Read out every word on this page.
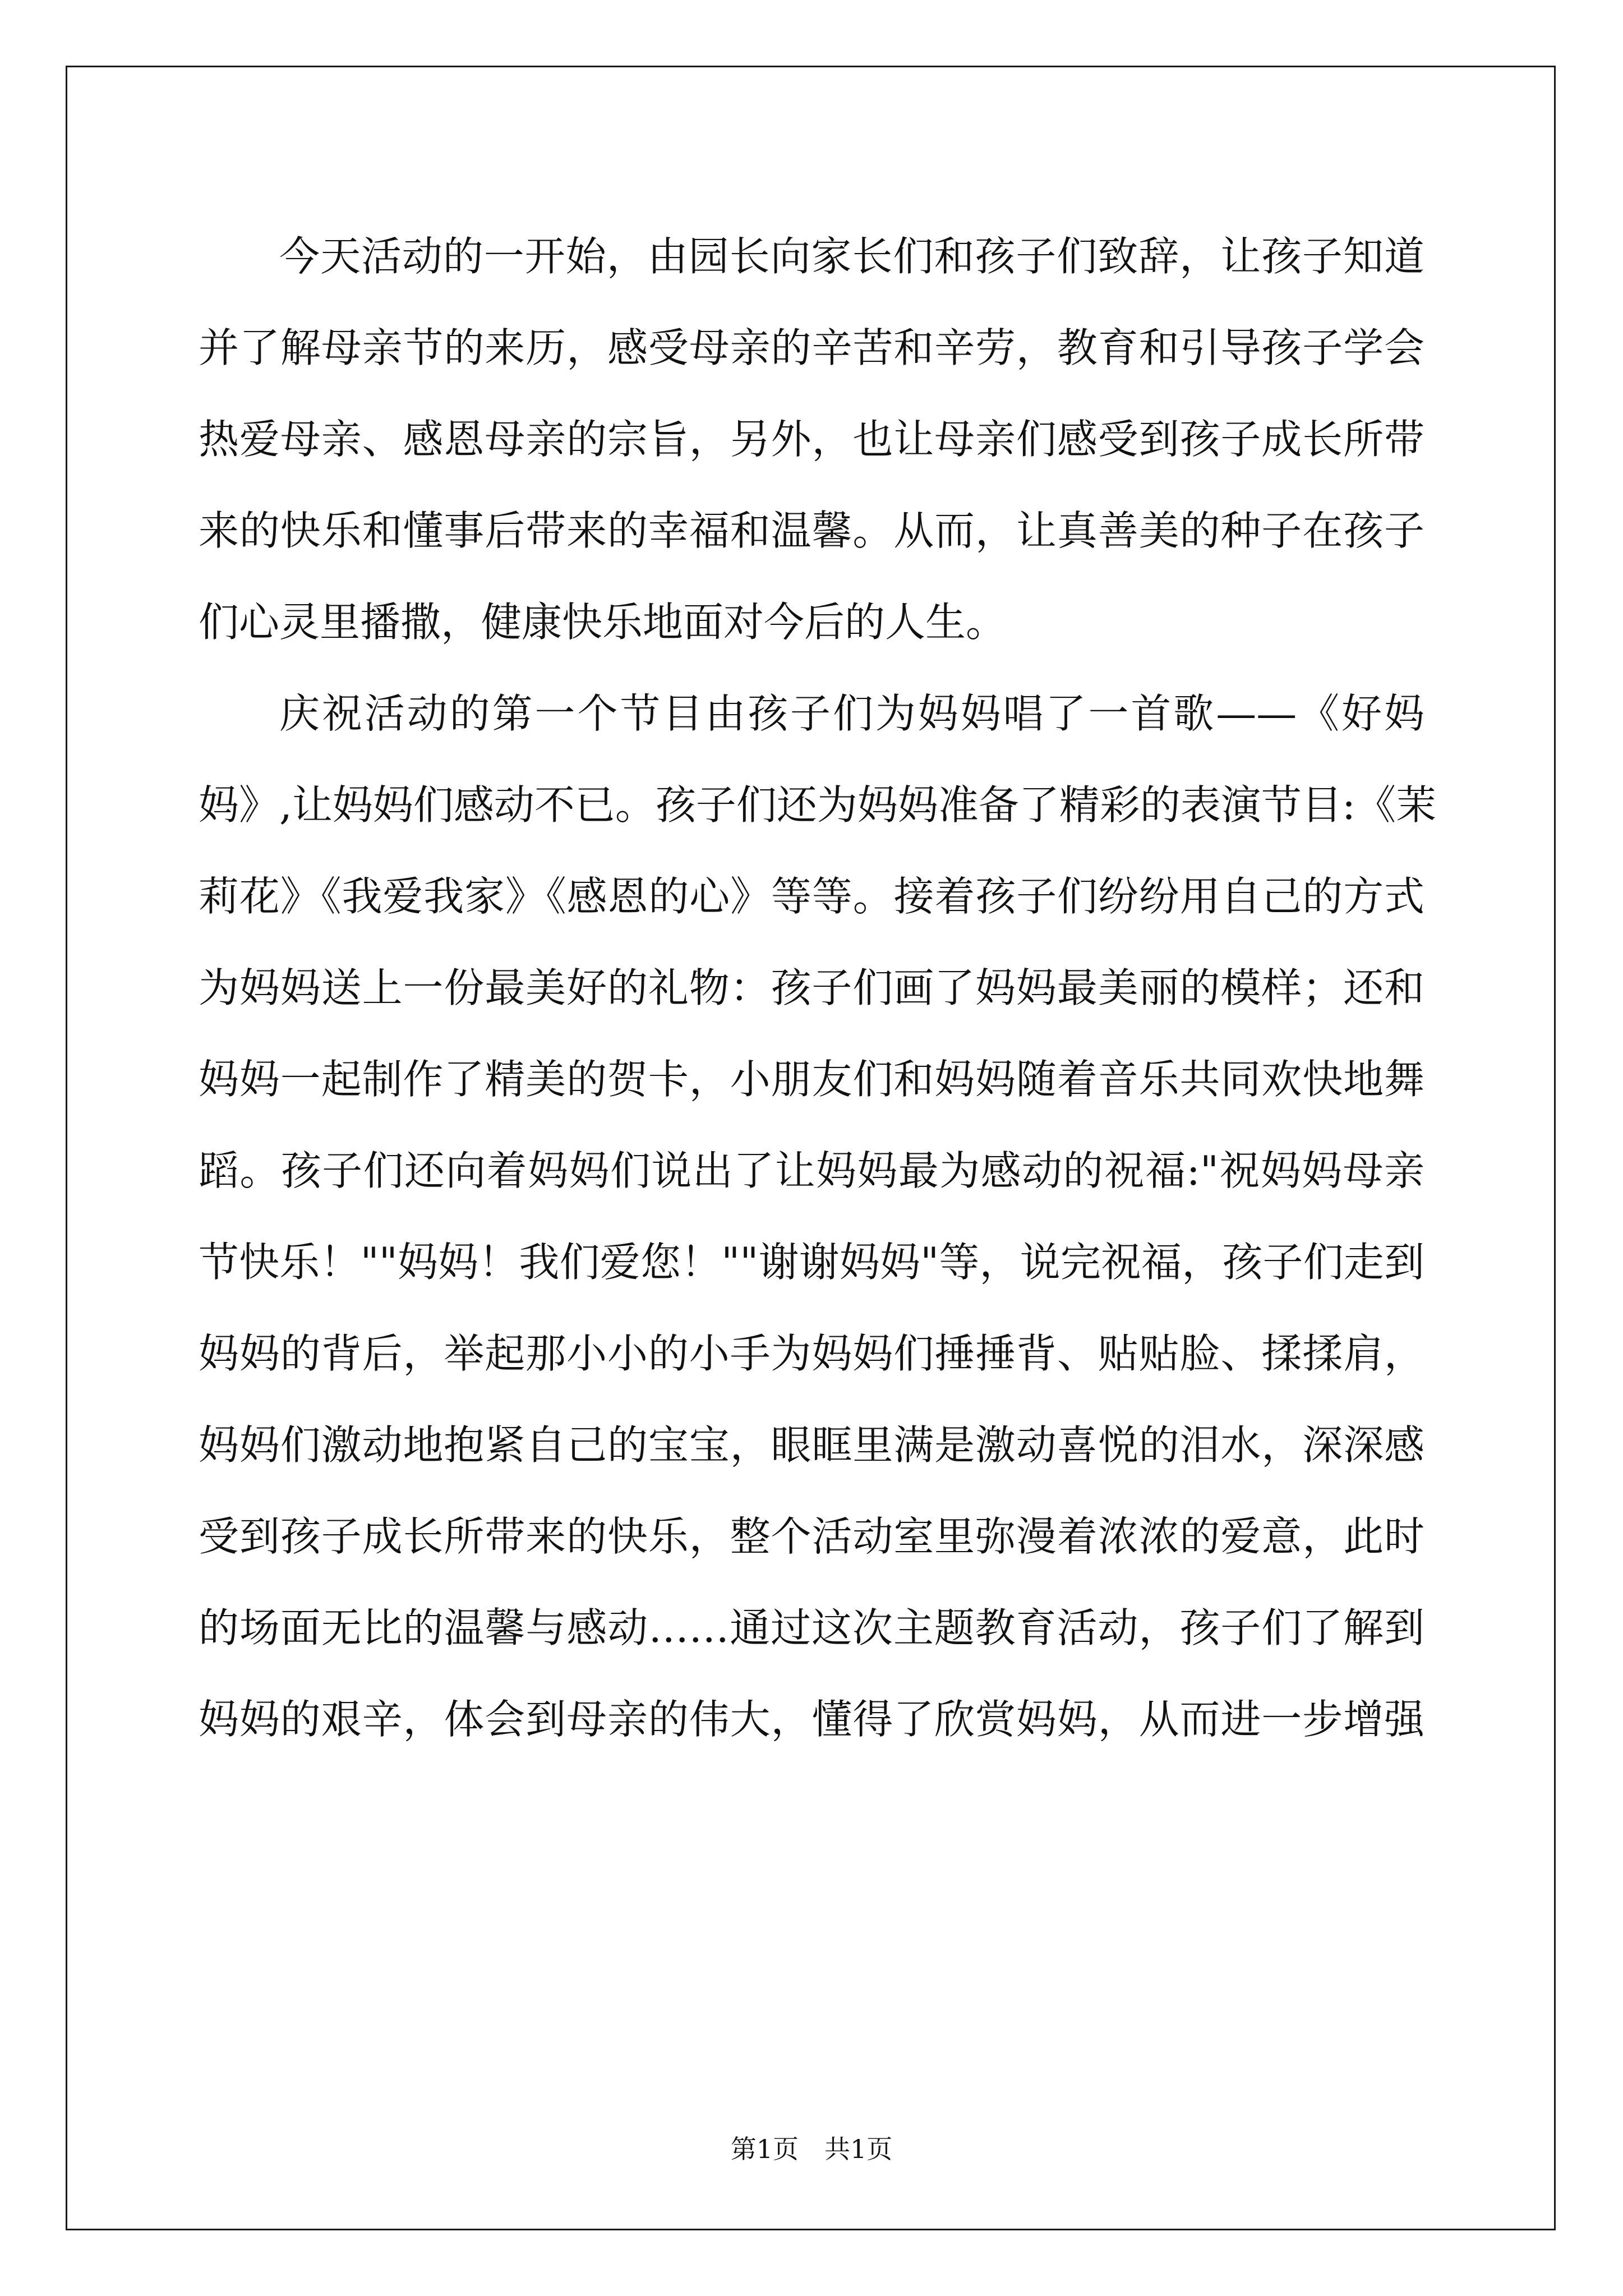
今天活动的一开始，由园长向家长们和孩子们致辞，让孩子知道
并了解母亲节的来历，感受母亲的辛苦和辛劳，教育和引导孩子学会
热爱母亲、感恩母亲的宗旨，另外，也让母亲们感受到孩子成长所带
来的快乐和懂事后带来的幸福和温馨。从而，让真善美的种子在孩子
们心灵里播撒，健康快乐地面对今后的人生。
庆祝活动的第一个节目由孩子们为妈妈唱了一首歌——《好妈
妈》,让妈妈们感动不已。孩子们还为妈妈准备了精彩的表演节目:《茉
莉花》《我爱我家》《感恩的心》等等。接着孩子们纷纷用自己的方式
为妈妈送上一份最美好的礼物：孩子们画了妈妈最美丽的模样；还和
妈妈一起制作了精美的贺卡，小朋友们和妈妈随着音乐共同欢快地舞
蹈。孩子们还向着妈妈们说出了让妈妈最为感动的祝福:"祝妈妈母亲
节快乐！""妈妈！我们爱您！""谢谢妈妈"等，说完祝福，孩子们走到
妈妈的背后，举起那小小的小手为妈妈们捶捶背、贴贴脸、揉揉肩，
妈妈们激动地抱紧自己的宝宝，眼眶里满是激动喜悦的泪水，深深感
受到孩子成长所带来的快乐，整个活动室里弥漫着浓浓的爱意，此时
的场面无比的温馨与感动……通过这次主题教育活动，孩子们了解到
妈妈的艰辛，体会到母亲的伟大，懂得了欣赏妈妈，从而进一步增强
第1页 共1页
